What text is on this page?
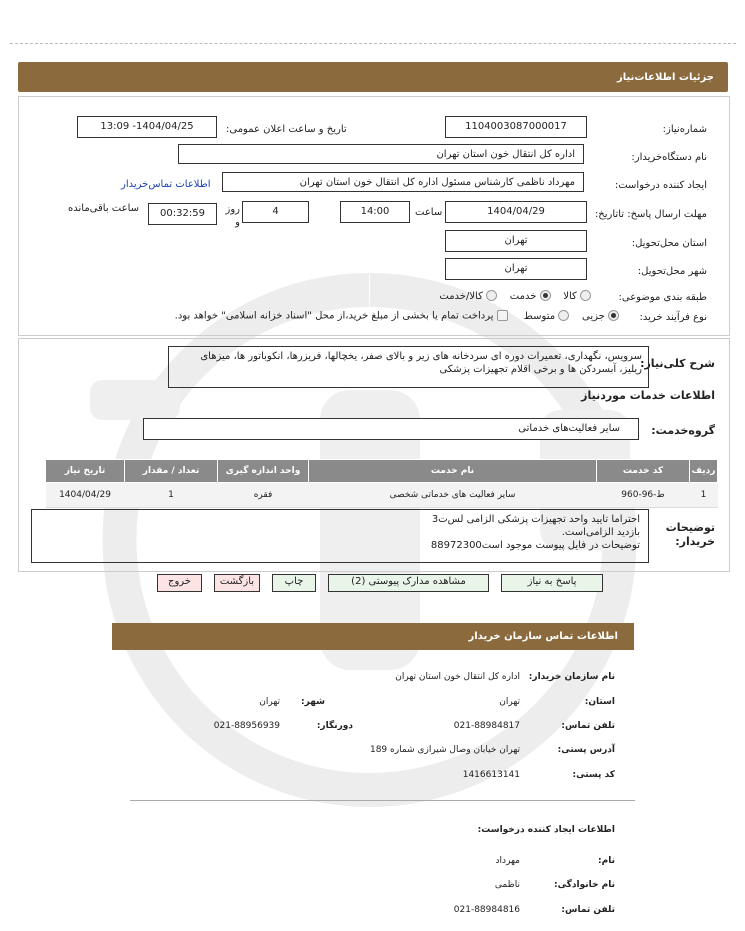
جزئیات اطلاعات‌نیاز
شماره‌نیاز:
1104003087000017
تاریخ و ساعت اعلان عمومی:
1404/04/25- 13:09
نام دستگاه‌خریدار:
اداره کل انتقال خون استان تهران
ایجاد کننده درخواست:
مهرداد ناظمی کارشناس مسئول اداره کل انتقال خون استان تهران
اطلاعات تماس‌خریدار
مهلت ارسال پاسخ: تاتاریخ:
1404/04/29
ساعت
14:00
4
روز و
00:32:59
ساعت باقی‌مانده
استان محل‌تحویل:
تهران
شهر محل‌تحویل:
تهران
طبقه بندی موضوعی:
کالا     خدمت     کالا/خدمت
نوع فرآیند خرید:
جزیی     متوسط      پرداخت تمام یا بخشی از مبلغ خرید،از محل "اسناد خزانه اسلامی" خواهد بود.
شرح کلی‌نیاز:
سرویس، نگهداری، تعمیرات دوره ای سردخانه های زیر و بالای صفر، یخچالها، فریزرها، انکوباتور ها، میزهای ریلیز، آبسردکن ها و برخی اقلام تجهیزات پزشکی
اطلاعات خدمات موردنیاز
گروه‌خدمت:
سایر فعالیت‌های خدماتی
ردیف	کد خدمت	نام خدمت	واحد اندازه گیری	تعداد / مقدار	تاریخ نیاز
1	ط-96-960	سایر فعالیت های خدماتی شخصی	فقره	1	1404/04/29
توضیحات خریدار:
احتراما تایید واحد تجهیزات پزشکی الزامی لس‌ت3
بازدید الزامی‌است.
توضیحات در فایل پیوست موجود است88972300
پاسخ به نیاز
مشاهده مدارک پیوستی (2)
چاپ
بازگشت
خروج
اطلاعات تماس سازمان خریدار
نام سازمان خریدار:
اداره کل انتقال خون استان تهران
استان:
تهران
شهر:
تهران
تلفن تماس:
021-88984817
دورنگار:
021-88956939
آدرس پستی:
تهران خیابان وصال شیرازی شماره 189
کد پستی:
1416613141
اطلاعات ایجاد کننده درخواست:
نام:
مهرداد
نام خانوادگی:
ناظمی
تلفن تماس:
021-88984816
